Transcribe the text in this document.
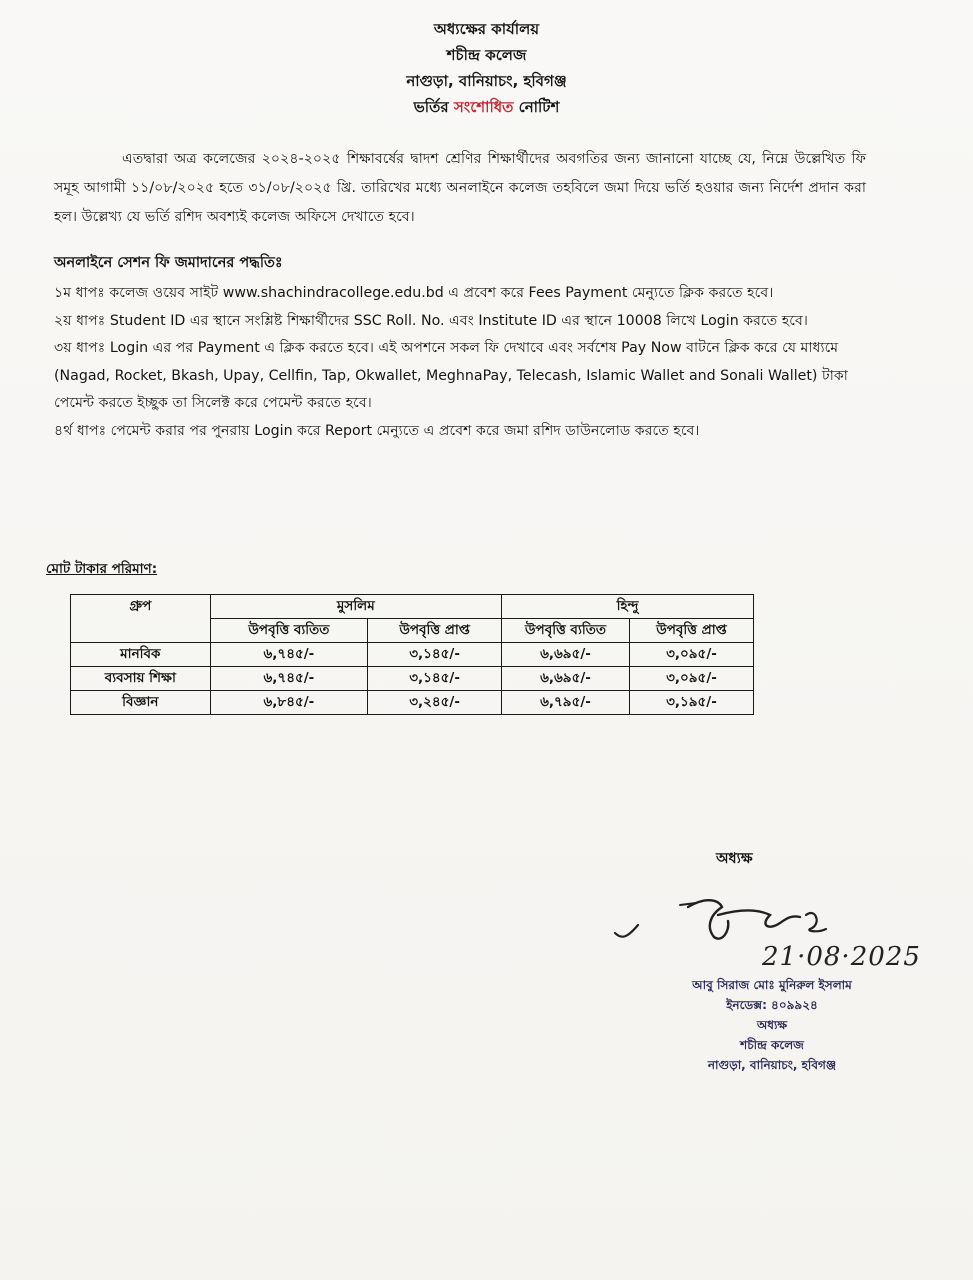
অধ্যক্ষের কার্যালয়
শচীন্দ্র কলেজ
নাগুড়া, বানিয়াচং, হবিগঞ্জ
ভর্তির সংশোধিত নোটিশ
এতদ্বারা অত্র কলেজের ২০২৪-২০২৫ শিক্ষাবর্ষের দ্বাদশ শ্রেণির শিক্ষার্থীদের অবগতির জন্য জানানো যাচ্ছে যে, নিম্নে উল্লেখিত ফি সমূহ আগামী ১১/০৮/২০২৫ হতে ৩১/০৮/২০২৫ খ্রি. তারিখের মধ্যে অনলাইনে কলেজ তহবিলে জমা দিয়ে ভর্তি হওয়ার জন্য নির্দেশ প্রদান করা হল। উল্লেখ্য যে ভর্তি রশিদ অবশ্যই কলেজ অফিসে দেখাতে হবে।
অনলাইনে সেশন ফি জমাদানের পদ্ধতিঃ

১ম ধাপঃ কলেজ ওয়েব সাইট www.shachindracollege.edu.bd এ প্রবেশ করে Fees Payment মেন্যুতে ক্লিক করতে হবে।

২য় ধাপঃ Student ID এর স্থানে সংশ্লিষ্ট শিক্ষার্থীদের SSC Roll. No. এবং Institute ID এর স্থানে 10008 লিখে Login করতে হবে।

৩য় ধাপঃ Login এর পর Payment এ ক্লিক করতে হবে। এই অপশনে সকল ফি দেখাবে এবং সর্বশেষ Pay Now বাটনে ক্লিক করে যে মাধ্যমে (Nagad, Rocket, Bkash, Upay, Cellfin, Tap, Okwallet, MeghnaPay, Telecash, Islamic Wallet and Sonali Wallet) টাকা পেমেন্ট করতে ইচ্ছুক তা সিলেক্ট করে পেমেন্ট করতে হবে।

৪র্থ ধাপঃ পেমেন্ট করার পর পুনরায় Login করে Report মেন্যুতে এ প্রবেশ করে জমা রশিদ ডাউনলোড করতে হবে।

মোট টাকার পরিমাণ:
গ্রুপ	মুসলিম		হিন্দু	
	উপবৃত্তি ব্যতিত	উপবৃত্তি প্রাপ্ত	উপবৃত্তি ব্যতিত	উপবৃত্তি প্রাপ্ত
মানবিক	৬,৭৪৫/-	৩,১৪৫/-	৬,৬৯৫/-	৩,০৯৫/-
ব্যবসায় শিক্ষা	৬,৭৪৫/-	৩,১৪৫/-	৬,৬৯৫/-	৩,০৯৫/-
বিজ্ঞান	৬,৮৪৫/-	৩,২৪৫/-	৬,৭৯৫/-	৩,১৯৫/-
অধ্যক্ষ
21·08·2025
আবু সিরাজ মোঃ মুনিরুল ইসলাম
ইনডেক্স: ৪০৯৯২৪
অধ্যক্ষ
শচীন্দ্র কলেজ
নাগুড়া, বানিয়াচং, হবিগঞ্জ
